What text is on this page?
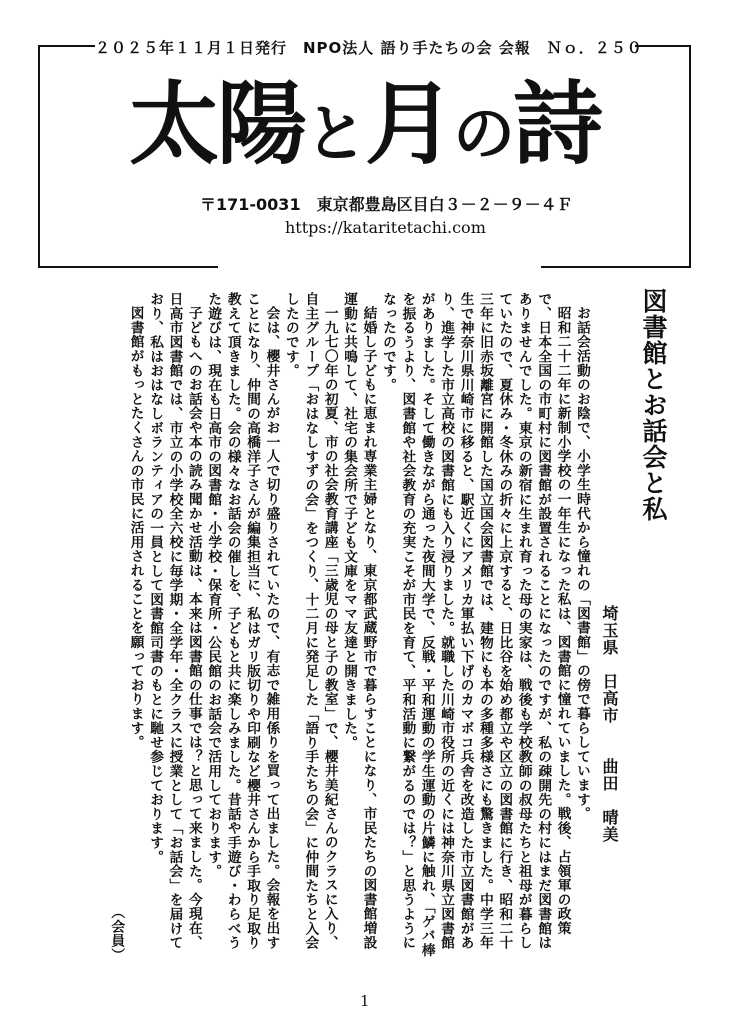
２０２５年１１月１日発行　NPO法人 語り手たちの会 会報　Ｎｏ．２５０
太陽と月の詩
〒171-0031　東京都豊島区目白３－２－９－４Ｆ
https://kataritetachi.com
図書館とお話会と私
埼玉県　日高市　　曲田　晴美

お話会活動のお陰で、小学生時代から憧れの「図書館」の傍で暮らしています。

昭和二十二年に新制小学校の一年生になった私は、図書館に憧れていました。戦後、占領軍の政策で、日本全国の市町村に図書館が設置されることになったのですが、私の疎開先の村にはまだ図書館はありませんでした。東京の新宿に生まれ育った母の実家は、戦後も学校教師の叔母たちと祖母が暮らしていたので、夏休み・冬休みの折々に上京すると、日比谷を始め都立や区立の図書館に行き、昭和二十三年に旧赤坂離宮に開館した国立国会図書館では、建物にも本の多種多様さにも驚きました。中学三年生で神奈川県川崎市に移ると、駅近くにアメリカ軍払い下げのカマボコ兵舎を改造した市立図書館があり、進学した市立高校の図書館にも入り浸りました。就職した川崎市役所の近くには神奈川県立図書館がありました。そして働きながら通った夜間大学で、反戦・平和運動の学生運動の片鱗に触れ、「ゲバ棒を振るうより、図書館や社会教育の充実こそが市民を育て、平和活動に繋がるのでは？」と思うようになったのです。

結婚し子どもに恵まれ専業主婦となり、東京都武蔵野市で暮らすことになり、市民たちの図書館増設運動に共鳴して、社宅の集会所で子ども文庫をママ友達と開きました。

一九七〇年の初夏、市の社会教育講座「三歳児の母と子の教室」で、櫻井美紀さんのクラスに入り、自主グループ「おはなしすずの会」をつくり、十二月に発足した「語り手たちの会」に仲間たちと入会したのです。

会は、櫻井さんがお一人で切り盛りされていたので、有志で雑用係りを買って出ました。会報を出すことになり、仲間の高橋洋子さんが編集担当に、私はガリ版切りや印刷など櫻井さんから手取り足取り教えて頂きました。会の様々なお話会の催しを、子どもと共に楽しみました。昔話や手遊び・わらべうた遊びは、現在も日高市の図書館・小学校・保育所・公民館のお話会で活用しております。

子どもへのお話会や本の読み聞かせ活動は、本来は図書館の仕事では？と思って来ました。今現在、日高市図書館では、市立の小学校全六校に毎学期・全学年・全クラスに授業として「お話会」を届けており、私はおはなしボランティアの一員として図書館司書のもとに馳せ参じております。

図書館がもっとたくさんの市民に活用されることを願っております。

（会員）

1
